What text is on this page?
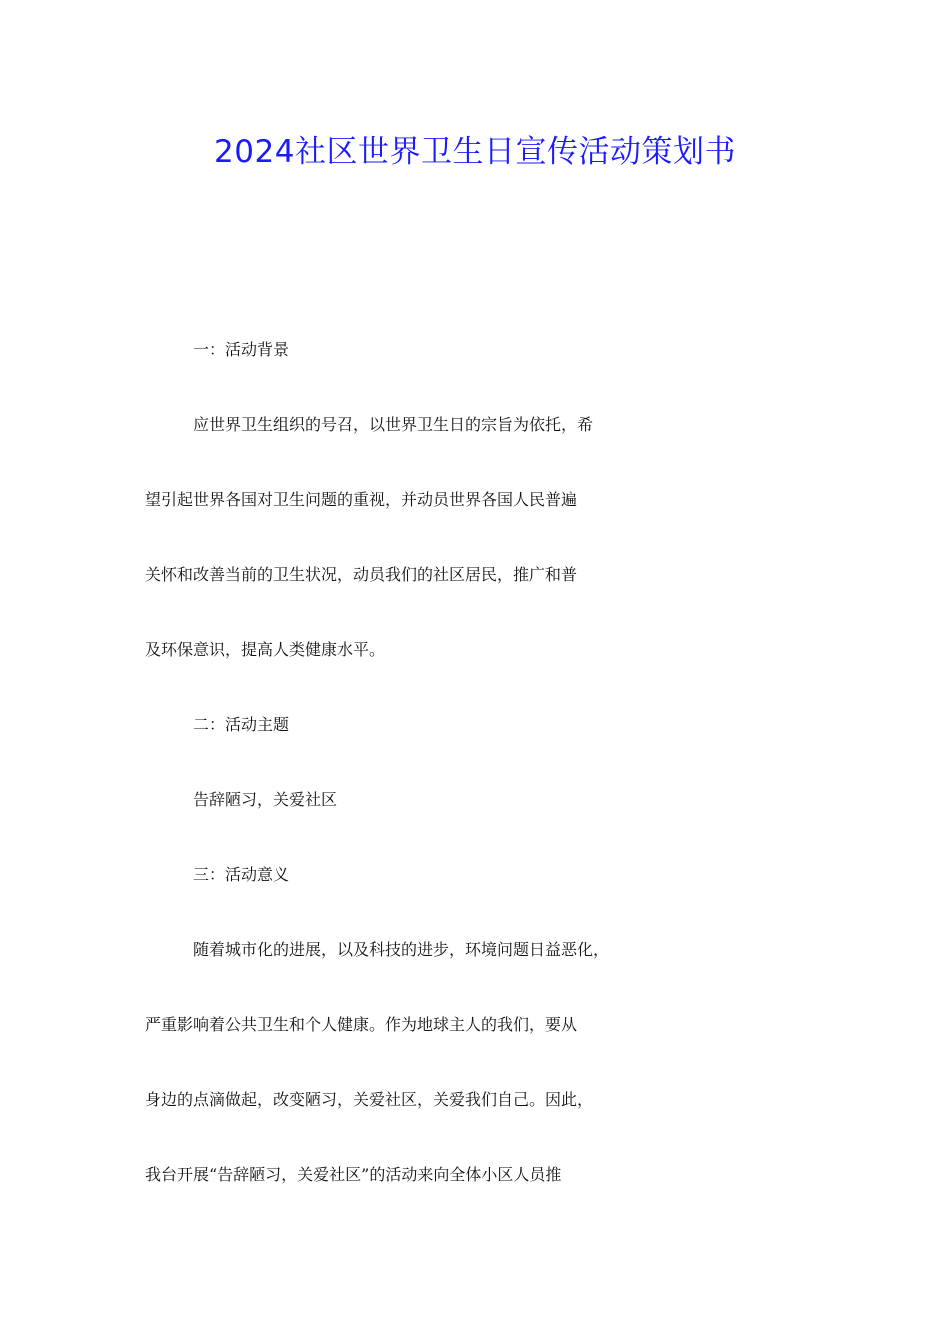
2024社区世界卫生日宣传活动策划书
一：活动背景
应世界卫生组织的号召，以世界卫生日的宗旨为依托，希
望引起世界各国对卫生问题的重视，并动员世界各国人民普遍
关怀和改善当前的卫生状况，动员我们的社区居民，推广和普
及环保意识，提高人类健康水平。
二：活动主题
告辞陋习，关爱社区
三：活动意义
随着城市化的进展，以及科技的进步，环境问题日益恶化，
严重影响着公共卫生和个人健康。作为地球主人的我们，要从
身边的点滴做起，改变陋习，关爱社区，关爱我们自己。因此，
我台开展“告辞陋习，关爱社区”的活动来向全体小区人员推
